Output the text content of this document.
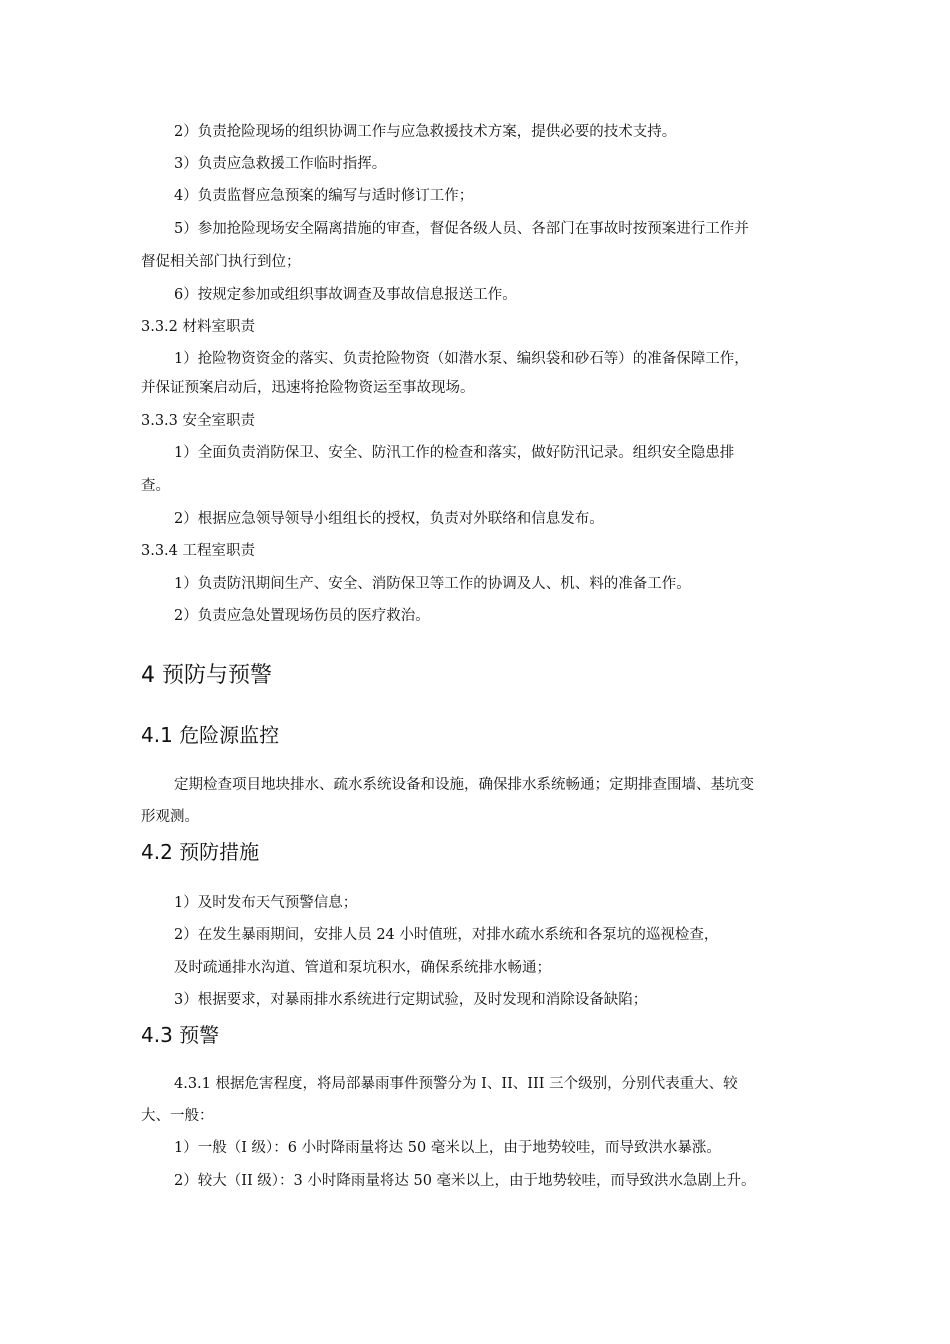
2）负责抢险现场的组织协调工作与应急救援技术方案，提供必要的技术支持。
3）负责应急救援工作临时指挥。
4）负责监督应急预案的编写与适时修订工作；
5）参加抢险现场安全隔离措施的审查，督促各级人员、各部门在事故时按预案进行工作并
督促相关部门执行到位；
6）按规定参加或组织事故调查及事故信息报送工作。
3.3.2 材料室职责
1）抢险物资资金的落实、负责抢险物资（如潜水泵、编织袋和砂石等）的准备保障工作，
并保证预案启动后，迅速将抢险物资运至事故现场。
3.3.3 安全室职责
1）全面负责消防保卫、安全、防汛工作的检查和落实，做好防汛记录。组织安全隐患排
查。
2）根据应急领导领导小组组长的授权，负责对外联络和信息发布。
3.3.4 工程室职责
1）负责防汛期间生产、安全、消防保卫等工作的协调及人、机、料的准备工作。
2）负责应急处置现场伤员的医疗救治。
4 预防与预警
4.1 危险源监控
定期检查项目地块排水、疏水系统设备和设施，确保排水系统畅通；定期排查围墙、基坑变
形观测。
4.2 预防措施
1）及时发布天气预警信息；
2）在发生暴雨期间，安排人员 24 小时值班，对排水疏水系统和各泵坑的巡视检查，
及时疏通排水沟道、管道和泵坑积水，确保系统排水畅通；
3）根据要求，对暴雨排水系统进行定期试验，及时发现和消除设备缺陷；
4.3 预警
4.3.1 根据危害程度，将局部暴雨事件预警分为 I、II、III 三个级别，分别代表重大、较
大、一般：
1）一般（I 级）：6 小时降雨量将达 50 毫米以上，由于地势较哇，而导致洪水暴涨。
2）较大（II 级）：3 小时降雨量将达 50 毫米以上，由于地势较哇，而导致洪水急剧上升。
